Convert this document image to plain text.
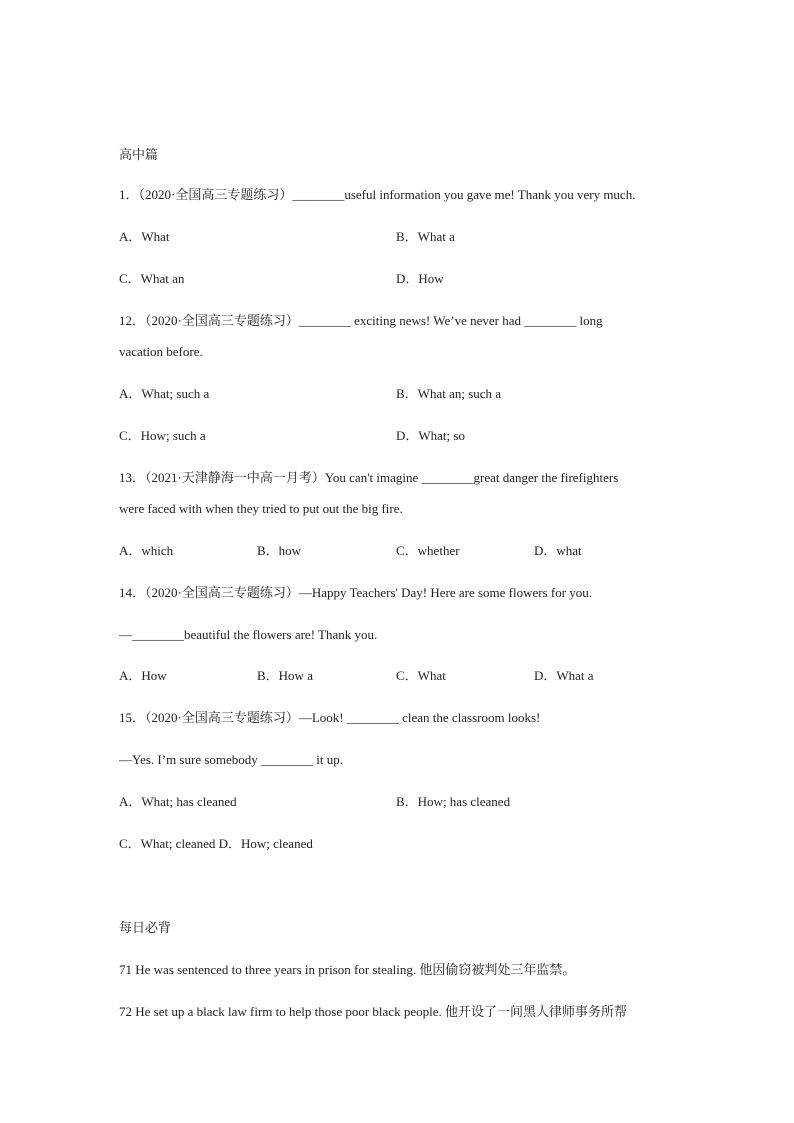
高中篇
1．（2020·全国高三专题练习）________useful information you gave me! Thank you very much.
A．What	B．What a
C．What an	D．How
12．（2020·全国高三专题练习）________ exciting news! We’ve never had ________ long
vacation before.
A．What; such a	B．What an; such a
C．How; such a	D．What; so
13．（2021·天津静海一中高一月考）You can't imagine ________great danger the firefighters
were faced with when they tried to put out the big fire.
A．which	B．how	C．whether	D．what
14．（2020·全国高三专题练习）—Happy Teachers' Day! Here are some flowers for you.
—________beautiful the flowers are! Thank you.
A．How	B．How a	C．What	D．What a
15．（2020·全国高三专题练习）—Look! ________ clean the classroom looks!
—Yes. I’m sure somebody ________ it up.
A．What; has cleaned	B．How; has cleaned
C．What; cleaned D．How; cleaned
每日必背
71 He was sentenced to three years in prison for stealing. 他因偷窃被判处三年监禁。
72 He set up a black law firm to help those poor black people. 他开设了一间黑人律师事务所帮
